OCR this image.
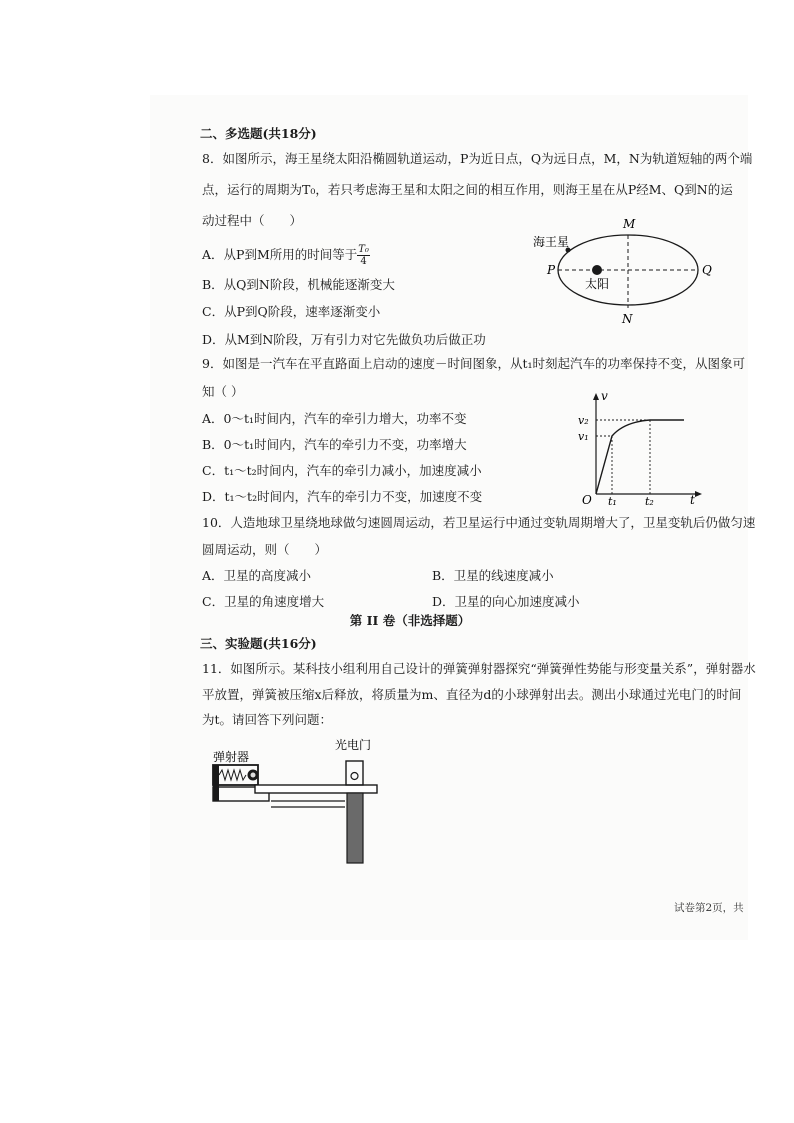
二、多选题(共18分)
8．如图所示，海王星绕太阳沿椭圆轨道运动，P为近日点，Q为远日点，M，N为轨道短轴的两个端
点，运行的周期为T₀，若只考虑海王星和太阳之间的相互作用，则海王星在从P经M、Q到N的运
动过程中（　　）
A．从P到M所用的时间等于 $\frac{\text{T₀}}{4}$
B．从Q到N阶段，机械能逐渐变大
C．从P到Q阶段，速率逐渐变小
D．从M到N阶段，万有引力对它先做负功后做正功
海王星
太阳
P	Q
M
N
9．如图是一汽车在平直路面上启动的速度－时间图象，从t₁时刻起汽车的功率保持不变，从图象可
知（ ）
A．0～t₁时间内，汽车的牵引力增大，功率不变
B．0～t₁时间内，汽车的牵引力不变，功率增大
C．t₁～t₂时间内，汽车的牵引力减小，加速度减小
D．t₁～t₂时间内，汽车的牵引力不变，加速度不变
v
v₂
v₁
O t₁	t₂	t
10．人造地球卫星绕地球做匀速圆周运动，若卫星运行中通过变轨周期增大了，卫星变轨后仍做匀速
圆周运动，则（　　）
A．卫星的高度减小	B．卫星的线速度减小
C．卫星的角速度增大	D．卫星的向心加速度减小
第 II 卷（非选择题）
三、实验题(共16分)
11．如图所示。某科技小组利用自己设计的弹簧弹射器探究“弹簧弹性势能与形变量关系”，弹射器水
平放置，弹簧被压缩x后释放，将质量为m、直径为d的小球弹射出去。测出小球通过光电门的时间
为t。请回答下列问题：
弹射器
光电门
试卷第2页，共
